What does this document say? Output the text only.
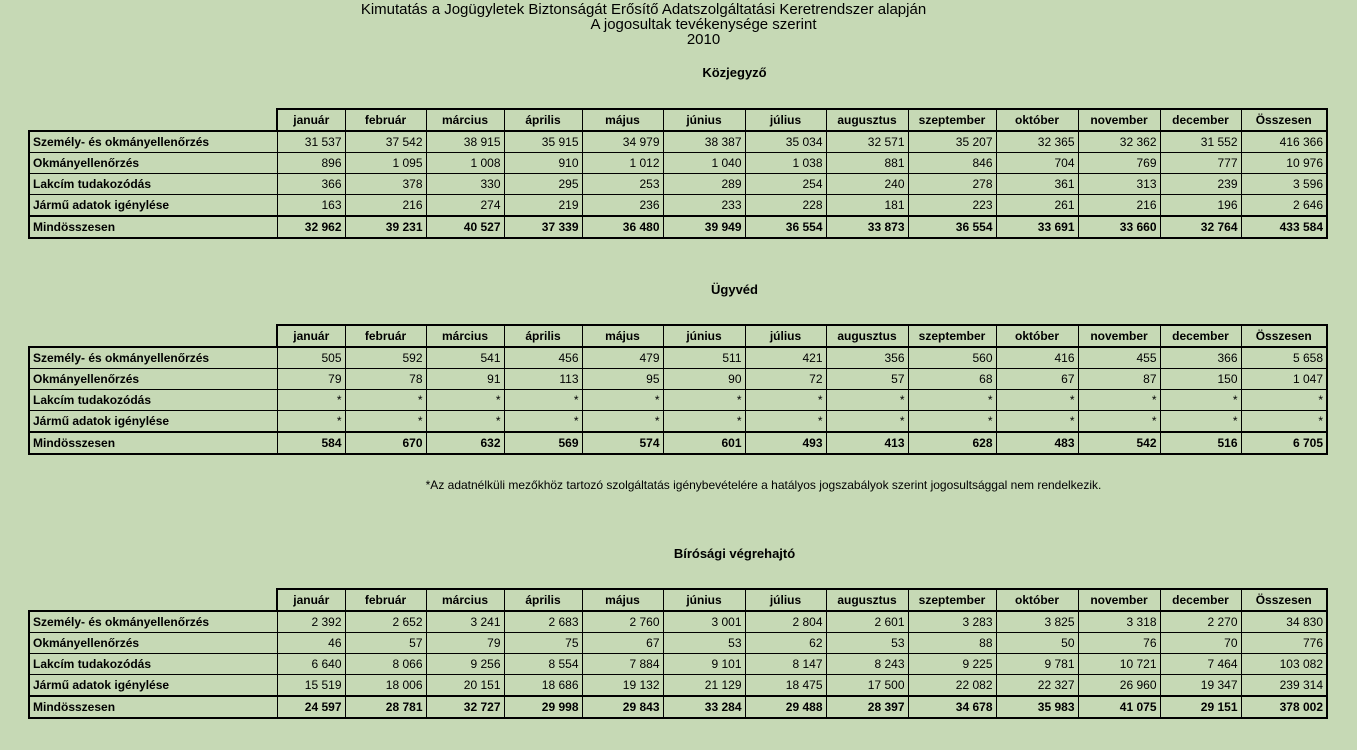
Kimutatás a Jogügyletek Biztonságát Erősítő Adatszolgáltatási Keretrendszer alapján
A jogosultak tevékenysége szerint
2010
Közjegyző
	január	február	március	április	május	június	július	augusztus	szeptember	október	november	december	Összesen
Személy- és okmányellenőrzés	31 537	37 542	38 915	35 915	34 979	38 387	35 034	32 571	35 207	32 365	32 362	31 552	416 366
Okmányellenőrzés	896	1 095	1 008	910	1 012	1 040	1 038	881	846	704	769	777	10 976
Lakcím tudakozódás	366	378	330	295	253	289	254	240	278	361	313	239	3 596
Jármű adatok igénylése	163	216	274	219	236	233	228	181	223	261	216	196	2 646
Mindösszesen	32 962	39 231	40 527	37 339	36 480	39 949	36 554	33 873	36 554	33 691	33 660	32 764	433 584
Ügyvéd
	január	február	március	április	május	június	július	augusztus	szeptember	október	november	december	Összesen
Személy- és okmányellenőrzés	505	592	541	456	479	511	421	356	560	416	455	366	5 658
Okmányellenőrzés	79	78	91	113	95	90	72	57	68	67	87	150	1 047
Lakcím tudakozódás	*	*	*	*	*	*	*	*	*	*	*	*	*
Jármű adatok igénylése	*	*	*	*	*	*	*	*	*	*	*	*	*
Mindösszesen	584	670	632	569	574	601	493	413	628	483	542	516	6 705
*Az adatnélküli mezőkhöz tartozó szolgáltatás igénybevételére a hatályos jogszabályok szerint jogosultsággal nem rendelkezik.
Bírósági végrehajtó
	január	február	március	április	május	június	július	augusztus	szeptember	október	november	december	Összesen
Személy- és okmányellenőrzés	2 392	2 652	3 241	2 683	2 760	3 001	2 804	2 601	3 283	3 825	3 318	2 270	34 830
Okmányellenőrzés	46	57	79	75	67	53	62	53	88	50	76	70	776
Lakcím tudakozódás	6 640	8 066	9 256	8 554	7 884	9 101	8 147	8 243	9 225	9 781	10 721	7 464	103 082
Jármű adatok igénylése	15 519	18 006	20 151	18 686	19 132	21 129	18 475	17 500	22 082	22 327	26 960	19 347	239 314
Mindösszesen	24 597	28 781	32 727	29 998	29 843	33 284	29 488	28 397	34 678	35 983	41 075	29 151	378 002
